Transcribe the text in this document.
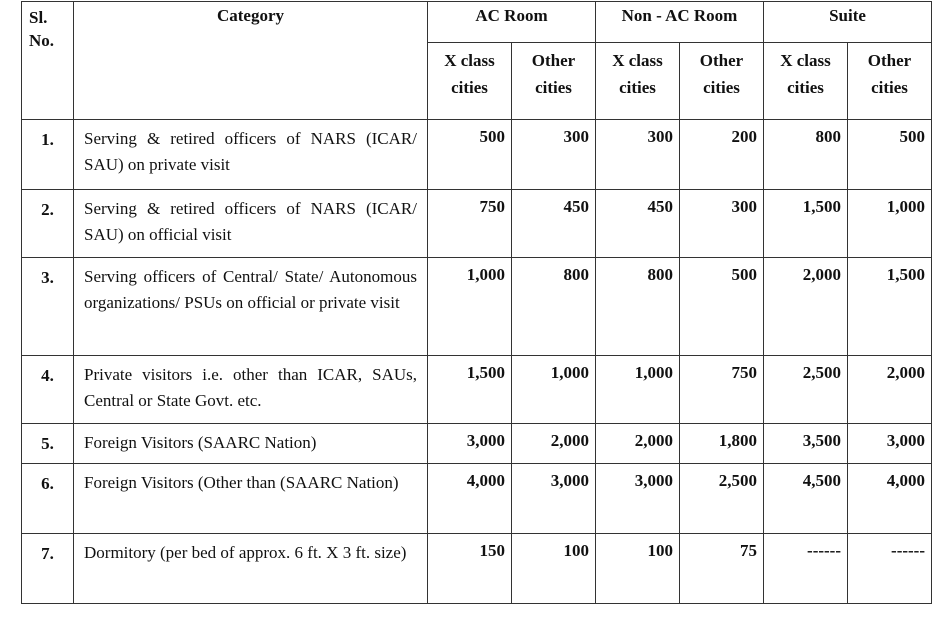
Sl. No.	Category	AC Room		Non - AC Room		Suite	
		X class cities	Other cities	X class cities	Other cities	X class cities	Other cities
1.	Serving & retired officers of NARS (ICAR/ SAU) on private visit	500	300	300	200	800	500
2.	Serving & retired officers of NARS (ICAR/ SAU) on official visit	750	450	450	300	1,500	1,000
3.	Serving officers of Central/ State/ Autonomous organizations/ PSUs on official or private visit	1,000	800	800	500	2,000	1,500
4.	Private visitors i.e. other than ICAR, SAUs, Central or State Govt. etc.	1,500	1,000	1,000	750	2,500	2,000
5.	Foreign Visitors (SAARC Nation)	3,000	2,000	2,000	1,800	3,500	3,000
6.	Foreign Visitors (Other than (SAARC Nation)	4,000	3,000	3,000	2,500	4,500	4,000
7.	Dormitory (per bed of approx. 6 ft. X 3 ft. size)	150	100	100	75	------	------
